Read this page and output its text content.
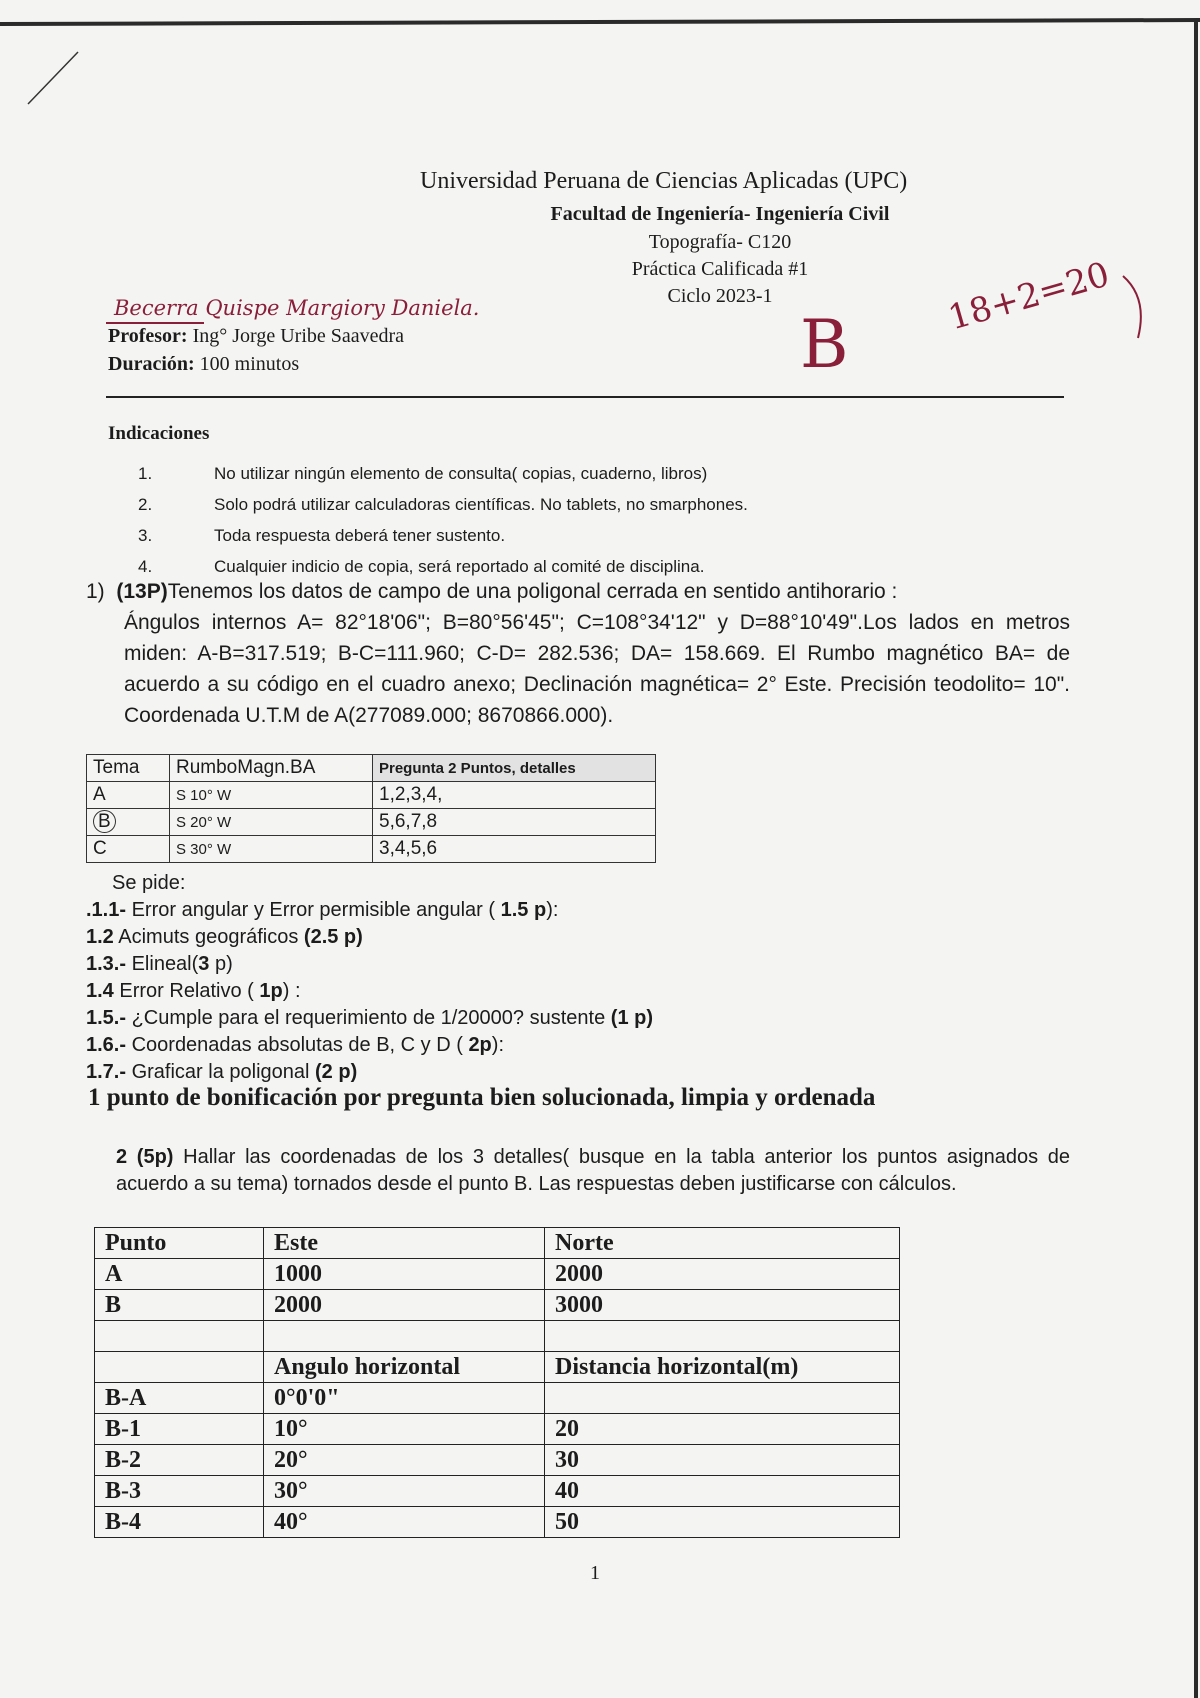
Universidad Peruana de Ciencias Aplicadas (UPC)
Facultad de Ingeniería- Ingeniería Civil
Topografía- C120
Práctica Calificada #1
Ciclo 2023-1
Becerra Quispe Margiory Daniela.	B
18+2=20
Profesor: Ing° Jorge Uribe Saavedra
Duración: 100 minutos
Indicaciones
1.	No utilizar ningún elemento de consulta( copias, cuaderno, libros)
2.	Solo podrá utilizar calculadoras científicas. No tablets, no smarphones.
3.	Toda respuesta deberá tener sustento.
4.	Cualquier indicio de copia, será reportado al comité de disciplina.
1) (13P)Tenemos los datos de campo de una poligonal cerrada en sentido antihorario :
Ángulos internos A= 82°18'06"; B=80°56'45"; C=108°34'12" y D=88°10'49".Los lados en metros miden: A-B=317.519; B-C=111.960; C-D= 282.536; DA= 158.669. El Rumbo magnético BA= de acuerdo a su código en el cuadro anexo; Declinación magnética= 2° Este. Precisión teodolito= 10". Coordenada U.T.M de A(277089.000; 8670866.000).
Tema	RumboMagn.BA	Pregunta 2 Puntos, detalles
A	S 10° W	1,2,3,4,
B	S 20° W	5,6,7,8
C	S 30° W	3,4,5,6
Se pide:
.1.1- Error angular y Error permisible angular ( 1.5 p):
1.2 Acimuts geográficos (2.5 p)
1.3.- Elineal(3 p)
1.4 Error Relativo ( 1p) :
1.5.- ¿Cumple para el requerimiento de 1/20000? sustente (1 p)
1.6.- Coordenadas absolutas de B, C y D ( 2p):
1.7.- Graficar la poligonal (2 p)
1 punto de bonificación por pregunta bien solucionada, limpia y ordenada
2 (5p) Hallar las coordenadas de los 3 detalles( busque en la tabla anterior los puntos asignados de acuerdo a su tema) tornados desde el punto B. Las respuestas deben justificarse con cálculos.
Punto	Este	Norte
A	1000	2000
B	2000	3000

	Angulo horizontal	Distancia horizontal(m)
B-A	0°0'0"	
B-1	10°	20
B-2	20°	30
B-3	30°	40
B-4	40°	50
1
